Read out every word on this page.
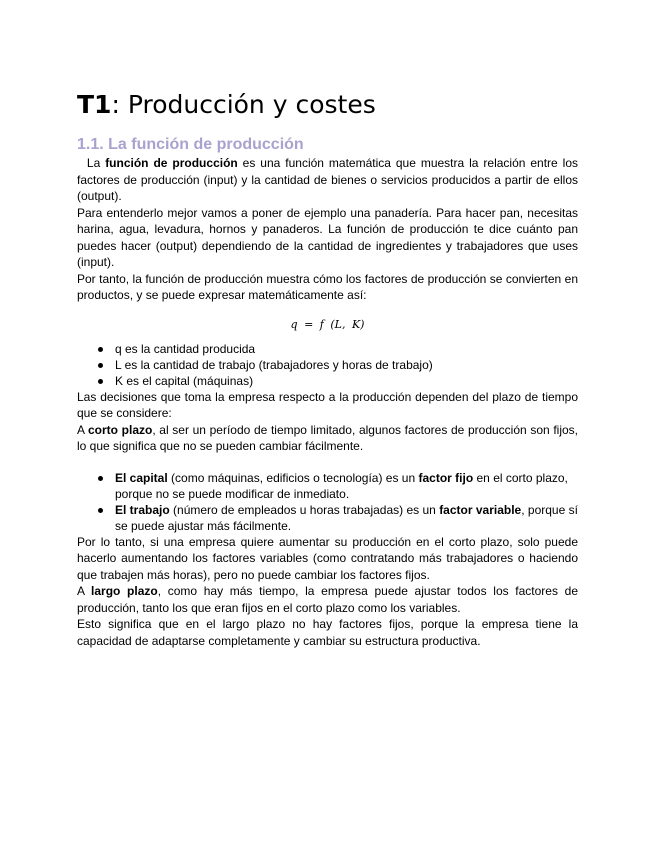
T1: Producción y costes
1.1. La función de producción

La función de producción es una función matemática que muestra la relación entre los factores de producción (input) y la cantidad de bienes o servicios producidos a partir de ellos (output).

Para entenderlo mejor vamos a poner de ejemplo una panadería. Para hacer pan, necesitas harina, agua, levadura, hornos y panaderos. La función de producción te dice cuánto pan puedes hacer (output) dependiendo de la cantidad de ingredientes y trabajadores que uses (input).

Por tanto, la función de producción muestra cómo los factores de producción se convierten en productos, y se puede expresar matemáticamente así:

q = f (L, K)
q es la cantidad producida
L es la cantidad de trabajo (trabajadores y horas de trabajo)
K es el capital (máquinas)

Las decisiones que toma la empresa respecto a la producción dependen del plazo de tiempo que se considere:

A corto plazo, al ser un período de tiempo limitado, algunos factores de producción son fijos, lo que significa que no se pueden cambiar fácilmente.

El capital (como máquinas, edificios o tecnología) es un factor fijo en el corto plazo, porque no se puede modificar de inmediato.
El trabajo (número de empleados u horas trabajadas) es un factor variable, porque sí se puede ajustar más fácilmente.

Por lo tanto, si una empresa quiere aumentar su producción en el corto plazo, solo puede hacerlo aumentando los factores variables (como contratando más trabajadores o haciendo que trabajen más horas), pero no puede cambiar los factores fijos.

A largo plazo, como hay más tiempo, la empresa puede ajustar todos los factores de producción, tanto los que eran fijos en el corto plazo como los variables.

Esto significa que en el largo plazo no hay factores fijos, porque la empresa tiene la capacidad de adaptarse completamente y cambiar su estructura productiva.
